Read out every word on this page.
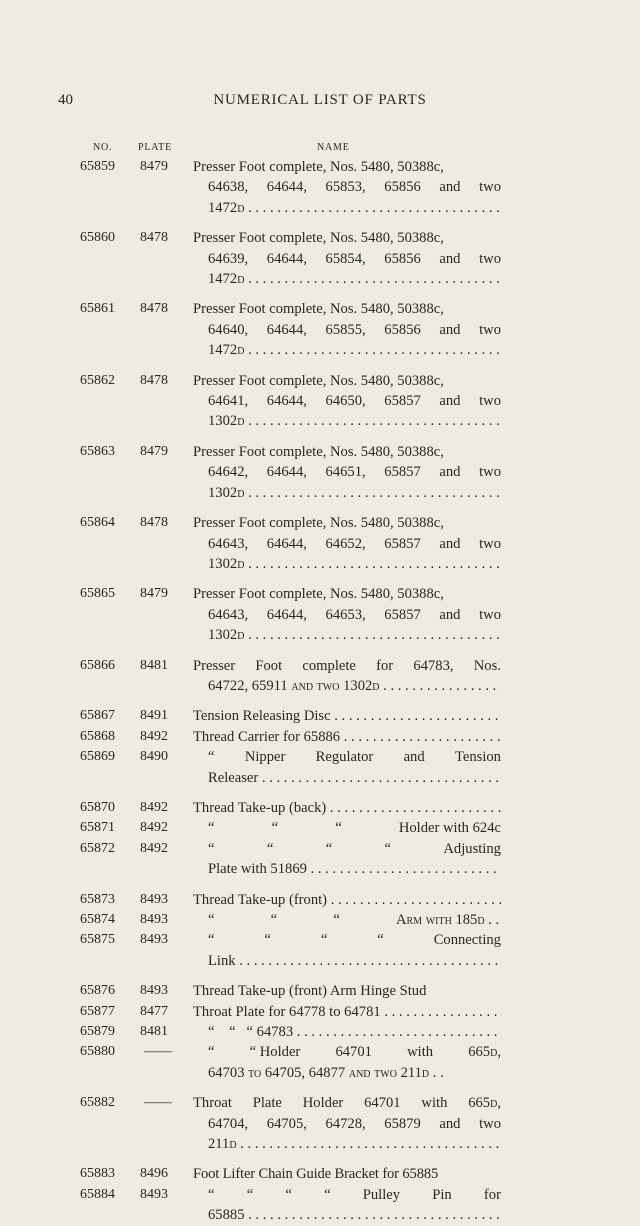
40	NUMERICAL LIST OF PARTS
NO.	PLATE	NAME
65859 8479 Presser Foot complete, Nos. 5480, 50388c,
64638, 64644, 65853, 65856 and two
1472d . . .
65860 8478 Presser Foot complete, Nos. 5480, 50388c,
64639, 64644, 65854, 65856 and two
1472d . . .
65861 8478 Presser Foot complete, Nos. 5480, 50388c,
64640, 64644, 65855, 65856 and two
1472d . . .
65862 8478 Presser Foot complete, Nos. 5480, 50388c,
64641, 64644, 64650, 65857 and two
1302d . . .
65863 8479 Presser Foot complete, Nos. 5480, 50388c,
64642, 64644, 64651, 65857 and two
1302d . . .
65864 8478 Presser Foot complete, Nos. 5480, 50388c,
64643, 64644, 64652, 65857 and two
1302d . . .
65865 8479 Presser Foot complete, Nos. 5480, 50388c,
64643, 64644, 64653, 65857 and two
1302d . . .
65866 8481 Presser Foot complete for 64783, Nos.
64722, 65911 and two 1302d . . .
65867 8491 Tension Releasing Disc . . .
65868 8492 Thread Carrier for 65886 . . .
65869 8490	“ Nipper Regulator and Tension
Releaser . . .
65870 8492 Thread Take-up (back) . . .
65871 8492	“	“	“	Holder with 624c
65872 8492	“	“	“	“	Adjusting
Plate with 51869 . . .
65873 8493 Thread Take-up (front) . . .
65874 8493	“	“	“	Arm with 185d . . .
65875 8493	“	“	“	“	Connecting
Link . . .
65876 8493 Thread Take-up (front) Arm Hinge Stud
65877 8477 Throat Plate for 64778 to 64781 . . .
65879 8481	“ “ “ 64783 . . .
65880 —— “ “ Holder 64701 with 665d,
64703 to 64705, 64877 and two 211d . .
65882 —— Throat Plate Holder 64701 with 665d,
64704, 64705, 64728, 65879 and two
211d . . .
65883 8496 Foot Lifter Chain Guide Bracket for 65885
65884 8493	“ “ “ “ Pulley Pin for
65885 . . .
